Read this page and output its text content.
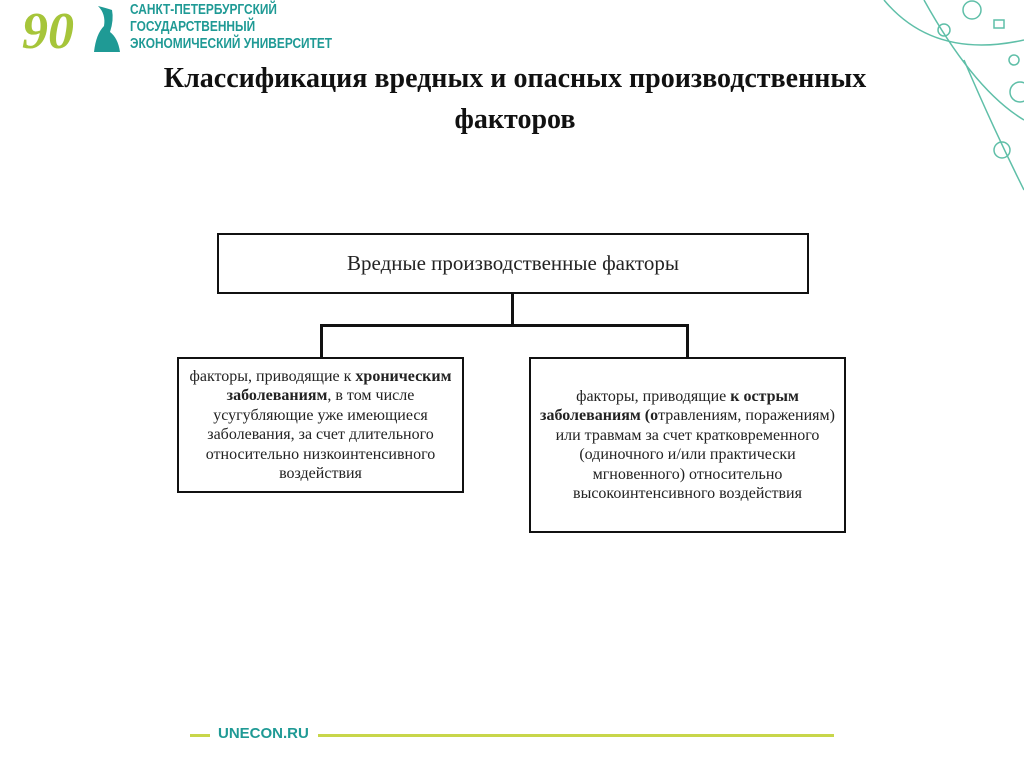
90	САНКТ-ПЕТЕРБУРГСКИЙ
ГОСУДАРСТВЕННЫЙ
ЭКОНОМИЧЕСКИЙ УНИВЕРСИТЕТ
Классификация вредных и опасных производственных
факторов
Вредные производственные факторы
факторы, приводящие к хроническим заболеваниям, в том числе усугубляющие уже имеющиеся заболевания, за счет длительного относительно низкоинтенсивного воздействия
факторы, приводящие к острым заболеваниям (отравлениям, поражениям) или травмам за счет кратковременного (одиночного и/или практически мгновенного) относительно высокоинтенсивного воздействия
UNECON.RU
